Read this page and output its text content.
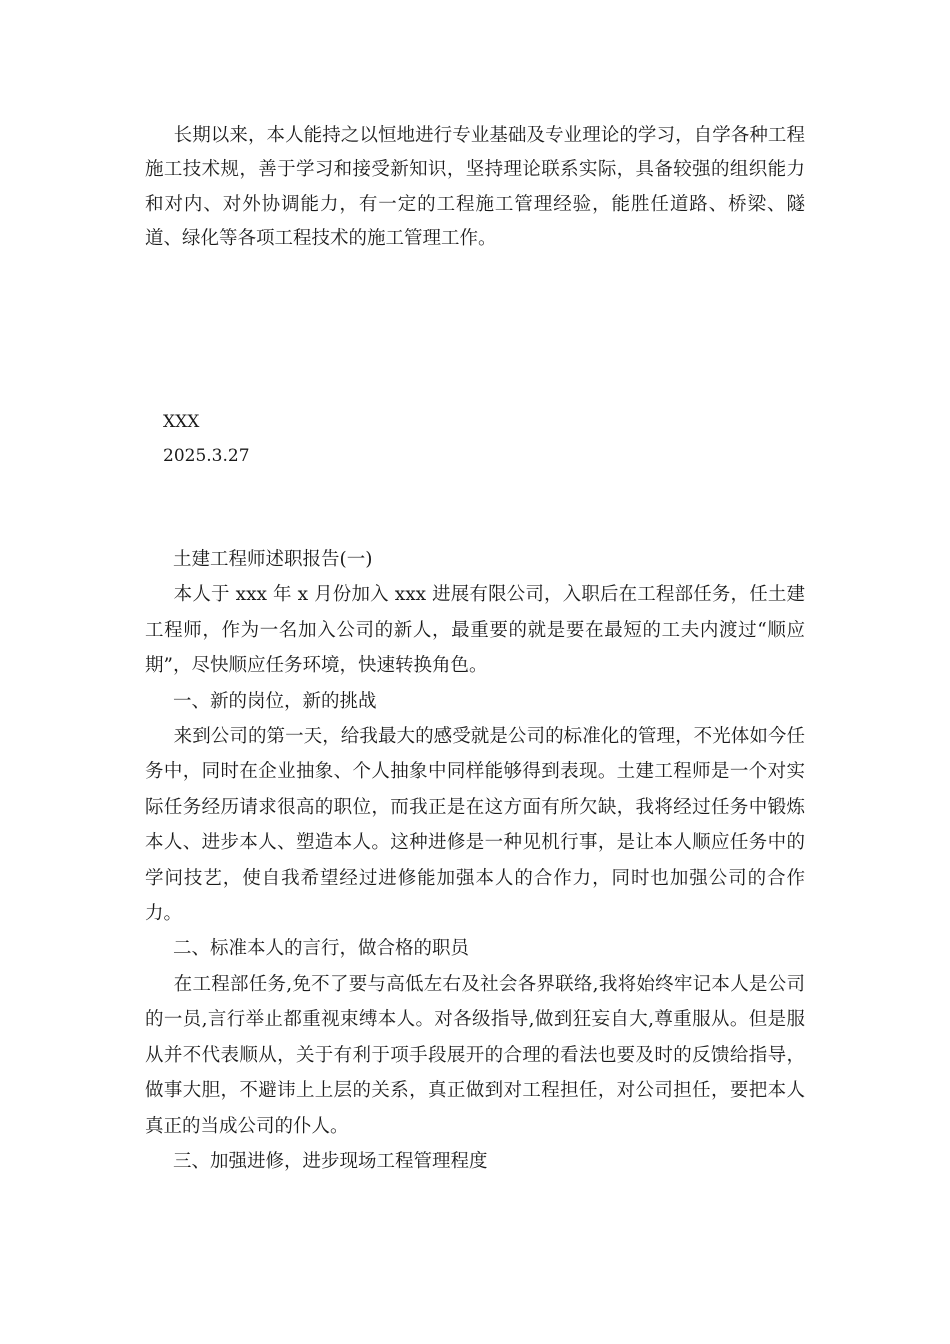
长期以来，本人能持之以恒地进行专业基础及专业理论的学习，自学各种工程施工技术规，善于学习和接受新知识，坚持理论联系实际，具备较强的组织能力和对内、对外协调能力，有一定的工程施工管理经验，能胜任道路、桥梁、隧道、绿化等各项工程技术的施工管理工作。

XXX
2025.3.27

土建工程师述职报告(一)

本人于 xxx 年 x 月份加入 xxx 进展有限公司，入职后在工程部任务，任土建工程师，作为一名加入公司的新人，最重要的就是要在最短的工夫内渡过“顺应期”，尽快顺应任务环境，快速转换角色。

一、新的岗位，新的挑战

来到公司的第一天，给我最大的感受就是公司的标准化的管理，不光体如今任务中，同时在企业抽象、个人抽象中同样能够得到表现。土建工程师是一个对实际任务经历请求很高的职位，而我正是在这方面有所欠缺，我将经过任务中锻炼本人、进步本人、塑造本人。这种进修是一种见机行事，是让本人顺应任务中的学问技艺，使自我希望经过进修能加强本人的合作力，同时也加强公司的合作力。

二、标准本人的言行，做合格的职员

在工程部任务,免不了要与高低左右及社会各界联络,我将始终牢记本人是公司的一员,言行举止都重视束缚本人。对各级指导,做到狂妄自大,尊重服从。但是服从并不代表顺从，关于有利于项手段展开的合理的看法也要及时的反馈给指导，做事大胆，不避讳上上层的关系，真正做到对工程担任，对公司担任，要把本人真正的当成公司的仆人。

三、加强进修，进步现场工程管理程度
